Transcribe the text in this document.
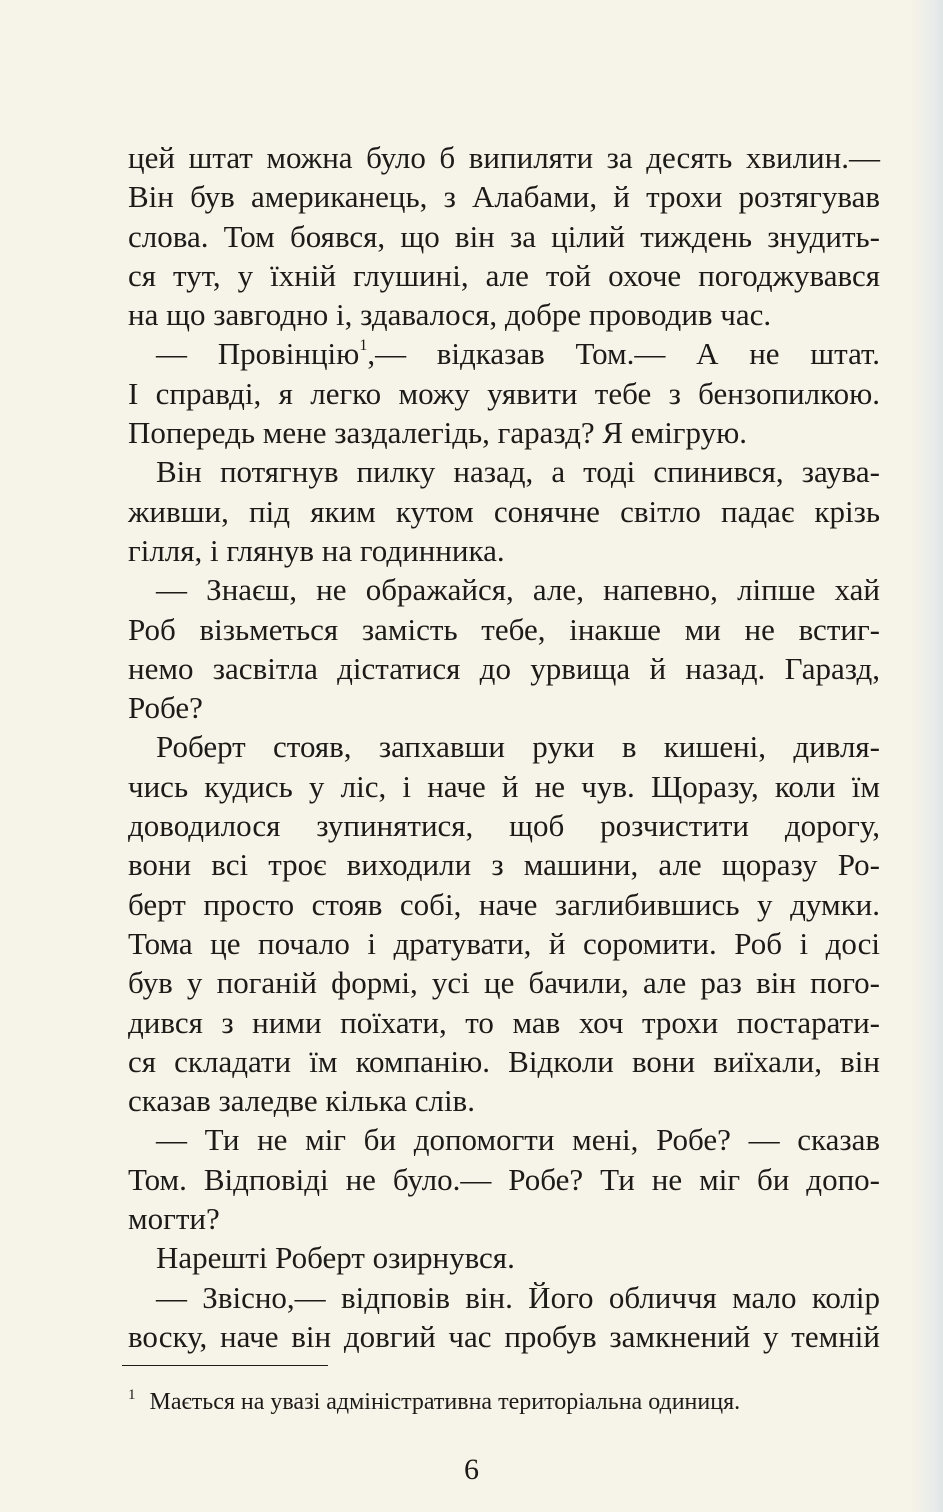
цей штат можна було б випиляти за десять хвилин.—
Він був американець, з Алабами, й трохи розтягував
слова. Том боявся, що він за цілий тиждень знудить-
ся тут, у їхній глушині, але той охоче погоджувався
на що завгодно і, здавалося, добре проводив час.
— Провінцію$^1$,— відказав Том.— А не штат.
І справді, я легко можу уявити тебе з бензопилкою.
Попередь мене заздалегідь, гаразд? Я емігрую.
Він потягнув пилку назад, а тоді спинився, заува-
живши, під яким кутом сонячне світло падає крізь
гілля, і глянув на годинника.
— Знаєш, не ображайся, але, напевно, ліпше хай
Роб візьметься замість тебе, інакше ми не встиг-
немо засвітла дістатися до урвища й назад. Гаразд,
Робе?
Роберт стояв, запхавши руки в кишені, дивля-
чись кудись у ліс, і наче й не чув. Щоразу, коли їм
доводилося зупинятися, щоб розчистити дорогу,
вони всі троє виходили з машини, але щоразу Ро-
берт просто стояв собі, наче заглибившись у думки.
Тома це почало і дратувати, й соромити. Роб і досі
був у поганій формі, усі це бачили, але раз він пого-
дився з ними поїхати, то мав хоч трохи постарати-
ся складати їм компанію. Відколи вони виїхали, він
сказав заледве кілька слів.
— Ти не міг би допомогти мені, Робе? — сказав
Том. Відповіді не було.— Робе? Ти не міг би допо-
могти?
Нарешті Роберт озирнувся.
— Звісно,— відповів він. Його обличчя мало колір
воску, наче він довгий час пробув замкнений у темній
$^1$ Мається на увазі адміністративна територіальна одиниця.
6
